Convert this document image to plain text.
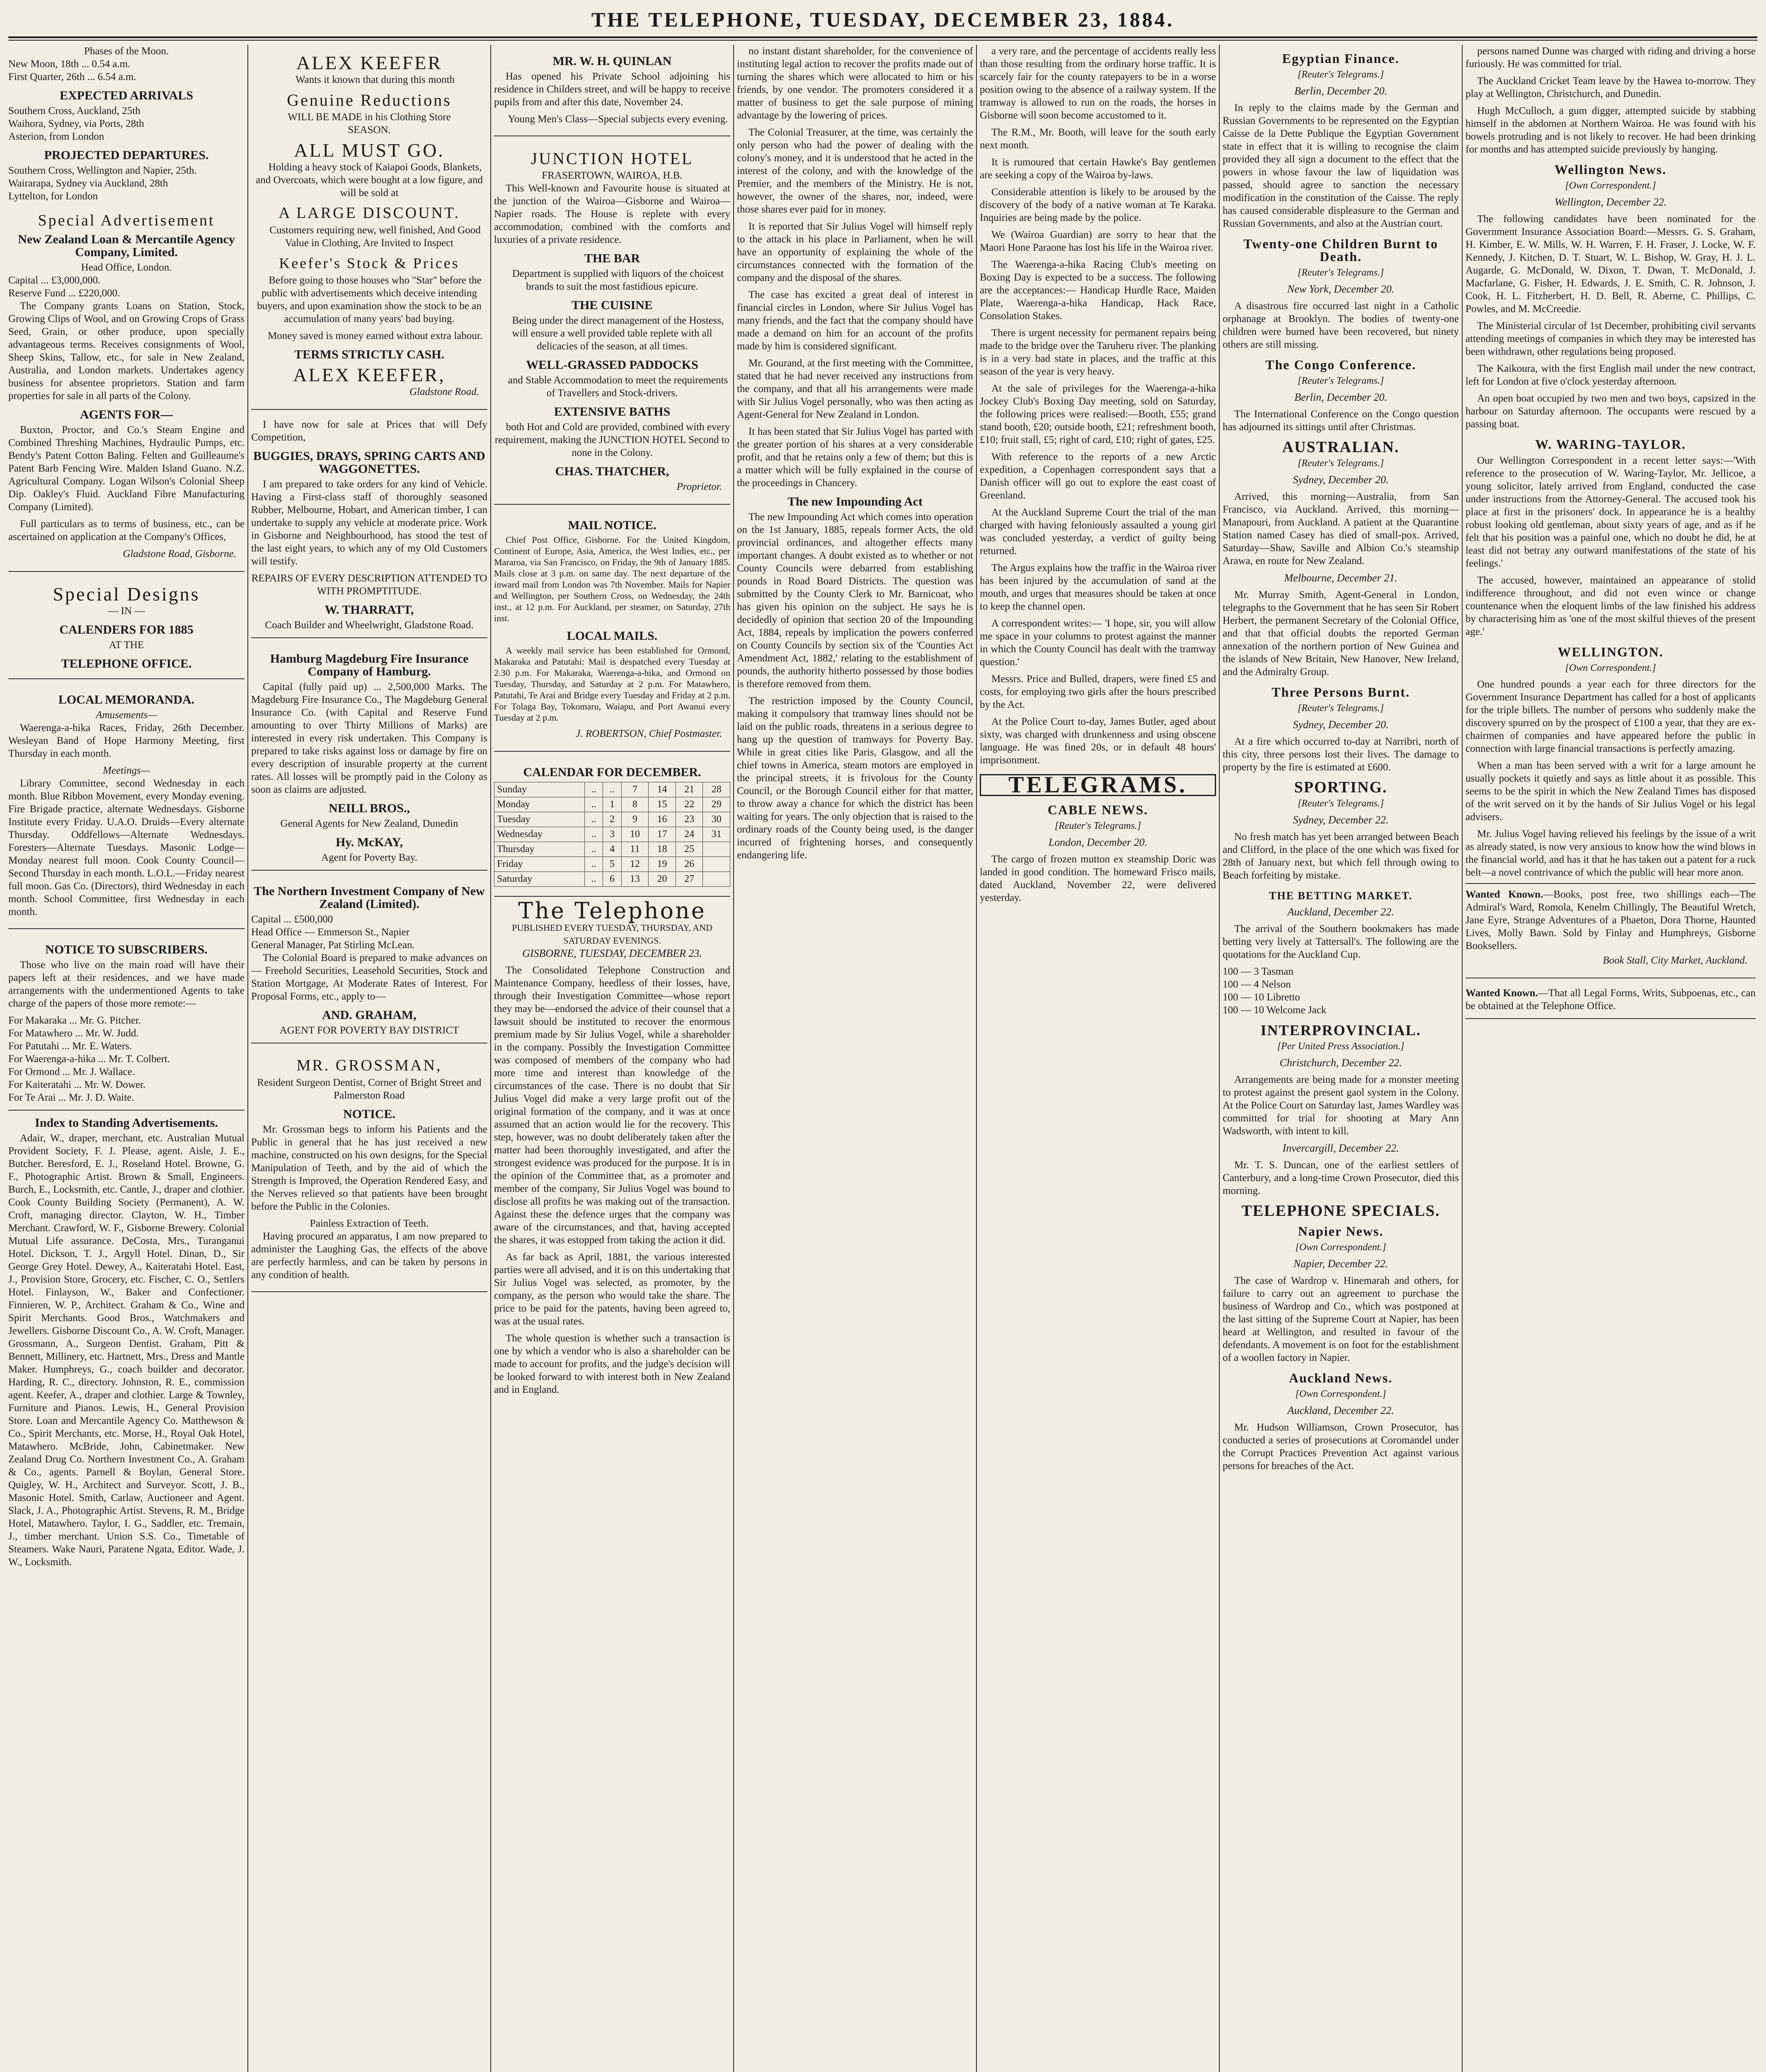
THE TELEPHONE, TUESDAY, DECEMBER 23, 1884.
Phases of the Moon.
New Moon, 18th ... 0.54 a.m.
First Quarter, 26th ... 6.54 a.m.
EXPECTED ARRIVALS
Southern Cross, Auckland, 25th
Waihora, Sydney, via Ports, 28th
Asterion, from London
PROJECTED DEPARTURES.
Southern Cross, Wellington and Napier, 25th.
Wairarapa, Sydney via Auckland, 28th
Lyttelton, for London
Special Advertisement
New Zealand Loan & Mercantile Agency Company, Limited.
Head Office, London.
Capital ... £3,000,000.
Reserve Fund ... £220,000.

The Company grants Loans on Station, Stock, Growing Clips of Wool, and on Growing Crops of Grass Seed, Grain, or other produce, upon specially advantageous terms. Receives consignments of Wool, Sheep Skins, Tallow, etc., for sale in New Zealand, Australia, and London markets. Undertakes agency business for absentee proprietors. Station and farm properties for sale in all parts of the Colony.

AGENTS FOR—

Buxton, Proctor, and Co.'s Steam Engine and Combined Threshing Machines, Hydraulic Pumps, etc. Bendy's Patent Cotton Baling. Felten and Guilleaume's Patent Barb Fencing Wire. Malden Island Guano. N.Z. Agricultural Company. Logan Wilson's Colonial Sheep Dip. Oakley's Fluid. Auckland Fibre Manufacturing Company (Limited).

Full particulars as to terms of business, etc., can be ascertained on application at the Company's Offices,

Gladstone Road, Gisborne.
Special Designs
— IN —
CALENDERS FOR 1885
AT THE
TELEPHONE OFFICE.
LOCAL MEMORANDA.
Amusements—

Waerenga-a-hika Races, Friday, 26th December. Wesleyan Band of Hope Harmony Meeting, first Thursday in each month.

Meetings—

Library Committee, second Wednesday in each month. Blue Ribbon Movement, every Monday evening. Fire Brigade practice, alternate Wednesdays. Gisborne Institute every Friday. U.A.O. Druids—Every alternate Thursday. Oddfellows—Alternate Wednesdays. Foresters—Alternate Tuesdays. Masonic Lodge—Monday nearest full moon. Cook County Council—Second Thursday in each month. L.O.L.—Friday nearest full moon. Gas Co. (Directors), third Wednesday in each month. School Committee, first Wednesday in each month.

NOTICE TO SUBSCRIBERS.

Those who live on the main road will have their papers left at their residences, and we have made arrangements with the undermentioned Agents to take charge of the papers of those more remote:—

For Makaraka ... Mr. G. Pitcher.
For Matawhero ... Mr. W. Judd.
For Patutahi ... Mr. E. Waters.
For Waerenga-a-hika ... Mr. T. Colbert.
For Ormond ... Mr. J. Wallace.
For Kaiteratahi ... Mr. W. Dower.
For Te Arai ... Mr. J. D. Waite.
Index to Standing Advertisements.

Adair, W., draper, merchant, etc. Australian Mutual Provident Society, F. J. Please, agent. Aisle, J. E., Butcher. Beresford, E. J., Roseland Hotel. Browne, G. F., Photographic Artist. Brown & Small, Engineers. Burch, E., Locksmith, etc. Cantle, J., draper and clothier. Cook County Building Society (Permanent), A. W. Croft, managing director. Clayton, W. H., Timber Merchant. Crawford, W. F., Gisborne Brewery. Colonial Mutual Life assurance. DeCosta, Mrs., Turanganui Hotel. Dickson, T. J., Argyll Hotel. Dinan, D., Sir George Grey Hotel. Dewey, A., Kaiteratahi Hotel. East, J., Provision Store, Grocery, etc. Fischer, C. O., Settlers Hotel. Finlayson, W., Baker and Confectioner. Finnieren, W. P., Architect. Graham & Co., Wine and Spirit Merchants. Good Bros., Watchmakers and Jewellers. Gisborne Discount Co., A. W. Croft, Manager. Grossmann, A., Surgeon Dentist. Graham, Pitt & Bennett, Millinery, etc. Hartnett, Mrs., Dress and Mantle Maker. Humphreys, G., coach builder and decorator. Harding, R. C., directory. Johnston, R. E., commission agent. Keefer, A., draper and clothier. Large & Townley, Furniture and Pianos. Lewis, H., General Provision Store. Loan and Mercantile Agency Co. Matthewson & Co., Spirit Merchants, etc. Morse, H., Royal Oak Hotel, Matawhero. McBride, John, Cabinetmaker. New Zealand Drug Co. Northern Investment Co., A. Graham & Co., agents. Parnell & Boylan, General Store. Quigley, W. H., Architect and Surveyor. Scott, J. B., Masonic Hotel. Smith, Carlaw, Auctioneer and Agent. Slack, J. A., Photographic Artist. Stevens, R. M., Bridge Hotel, Matawhero. Taylor, I. G., Saddler, etc. Tremain, J., timber merchant. Union S.S. Co., Timetable of Steamers. Wake Nauri, Paratene Ngata, Editor. Wade, J. W., Locksmith.

ALEX KEEFER

Wants it known that during this month

Genuine Reductions
WILL BE MADE in his Clothing Store
SEASON.
ALL MUST GO.

Holding a heavy stock of Kaiapoi Goods, Blankets, and Overcoats, which were bought at a low figure, and will be sold at

A LARGE DISCOUNT.

Customers requiring new, well finished, And Good Value in Clothing, Are Invited to Inspect

Keefer's Stock & Prices

Before going to those houses who "Star" before the public with advertisements which deceive intending buyers, and upon examination show the stock to be an accumulation of many years' bad buying.

Money saved is money earned without extra labour.

TERMS STRICTLY CASH.
ALEX KEEFER,
Gladstone Road.

I have now for sale at Prices that will Defy Competition,

BUGGIES, DRAYS, SPRING CARTS AND WAGGONETTES.

I am prepared to take orders for any kind of Vehicle. Having a First-class staff of thoroughly seasoned Rubber, Melbourne, Hobart, and American timber, I can undertake to supply any vehicle at moderate price. Work in Gisborne and Neighbourhood, has stood the test of the last eight years, to which any of my Old Customers will testify.

REPAIRS OF EVERY DESCRIPTION ATTENDED TO WITH PROMPTITUDE.
W. THARRATT,
Coach Builder and Wheelwright, Gladstone Road.
Hamburg Magdeburg Fire Insurance Company of Hamburg.

Capital (fully paid up) ... 2,500,000 Marks. The Magdeburg Fire Insurance Co., The Magdeburg General Insurance Co. (with Capital and Reserve Fund amounting to over Thirty Millions of Marks) are interested in every risk undertaken. This Company is prepared to take risks against loss or damage by fire on every description of insurable property at the current rates. All losses will be promptly paid in the Colony as soon as claims are adjusted.

NEILL BROS.,
General Agents for New Zealand, Dunedin
Hy. McKAY,
Agent for Poverty Bay.
The Northern Investment Company of New Zealand (Limited).
Capital ... £500,000
Head Office — Emmerson St., Napier
General Manager, Pat Stirling McLean.

The Colonial Board is prepared to make advances on— Freehold Securities, Leasehold Securities, Stock and Station Mortgage, At Moderate Rates of Interest. For Proposal Forms, etc., apply to—

AND. GRAHAM,
AGENT FOR POVERTY BAY DISTRICT
MR. GROSSMAN,
Resident Surgeon Dentist, Corner of Bright Street and Palmerston Road
NOTICE.

Mr. Grossman begs to inform his Patients and the Public in general that he has just received a new machine, constructed on his own designs, for the Special Manipulation of Teeth, and by the aid of which the Strength is Improved, the Operation Rendered Easy, and the Nerves relieved so that patients have been brought before the Public in the Colonies.

Painless Extraction of Teeth.

Having procured an apparatus, I am now prepared to administer the Laughing Gas, the effects of the above are perfectly harmless, and can be taken by persons in any condition of health.

MR. W. H. QUINLAN

Has opened his Private School adjoining his residence in Childers street, and will be happy to receive pupils from and after this date, November 24.

Young Men's Class—Special subjects every evening.

JUNCTION HOTEL
FRASERTOWN, WAIROA, H.B.

This Well-known and Favourite house is situated at the junction of the Wairoa—Gisborne and Wairoa—Napier roads. The House is replete with every accommodation, combined with the comforts and luxuries of a private residence.

THE BAR

Department is supplied with liquors of the choicest brands to suit the most fastidious epicure.

THE CUISINE

Being under the direct management of the Hostess, will ensure a well provided table replete with all delicacies of the season, at all times.

WELL-GRASSED PADDOCKS

and Stable Accommodation to meet the requirements of Travellers and Stock-drivers.

EXTENSIVE BATHS

both Hot and Cold are provided, combined with every requirement, making the JUNCTION HOTEL Second to none in the Colony.

CHAS. THATCHER,
Proprietor.
MAIL NOTICE.

Chief Post Office, Gisborne. For the United Kingdom, Continent of Europe, Asia, America, the West Indies, etc., per Mararoa, via San Francisco, on Friday, the 9th of January 1885. Mails close at 3 p.m. on same day. The next departure of the inward mail from London was 7th November. Mails for Napier and Wellington, per Southern Cross, on Wednesday, the 24th inst., at 12 p.m. For Auckland, per steamer, on Saturday, 27th inst.

LOCAL MAILS.

A weekly mail service has been established for Ormond, Makaraka and Patutahi: Mail is despatched every Tuesday at 2.30 p.m. For Makaraka, Waerenga-a-hika, and Ormond on Tuesday, Thursday, and Saturday at 2 p.m. For Matawhero, Patutahi, Te Arai and Bridge every Tuesday and Friday at 2 p.m. For Tolaga Bay, Tokomaru, Waiapu, and Port Awanui every Tuesday at 2 p.m.

J. ROBERTSON, Chief Postmaster.
CALENDAR FOR DECEMBER.
Sunday	..	..	7	14	21	28
Monday	..	1	8	15	22	29
Tuesday	..	2	9	16	23	30
Wednesday	..	3	10	17	24	31
Thursday	..	4	11	18	25	
Friday	..	5	12	19	26	
Saturday	..	6	13	20	27	
The Telephone
PUBLISHED EVERY TUESDAY, THURSDAY, AND SATURDAY EVENINGS.
GISBORNE, TUESDAY, DECEMBER 23.

The Consolidated Telephone Construction and Maintenance Company, heedless of their losses, have, through their Investigation Committee—whose report they may be—endorsed the advice of their counsel that a lawsuit should be instituted to recover the enormous premium made by Sir Julius Vogel, while a shareholder in the company. Possibly the Investigation Committee was composed of members of the company who had more time and interest than knowledge of the circumstances of the case. There is no doubt that Sir Julius Vogel did make a very large profit out of the original formation of the company, and it was at once assumed that an action would lie for the recovery. This step, however, was no doubt deliberately taken after the matter had been thoroughly investigated, and after the strongest evidence was produced for the purpose. It is in the opinion of the Committee that, as a promoter and member of the company, Sir Julius Vogel was bound to disclose all profits he was making out of the transaction. Against these the defence urges that the company was aware of the circumstances, and that, having accepted the shares, it was estopped from taking the action it did.

As far back as April, 1881, the various interested parties were all advised, and it is on this undertaking that Sir Julius Vogel was selected, as promoter, by the company, as the person who would take the share. The price to be paid for the patents, having been agreed to, was at the usual rates.

The whole question is whether such a transaction is one by which a vendor who is also a shareholder can be made to account for profits, and the judge's decision will be looked forward to with interest both in New Zealand and in England.

no instant distant shareholder, for the convenience of instituting legal action to recover the profits made out of turning the shares which were allocated to him or his friends, by one vendor. The promoters considered it a matter of business to get the sale purpose of mining advantage by the lowering of prices.

The Colonial Treasurer, at the time, was certainly the only person who had the power of dealing with the colony's money, and it is understood that he acted in the interest of the colony, and with the knowledge of the Premier, and the members of the Ministry. He is not, however, the owner of the shares, nor, indeed, were those shares ever paid for in money.

It is reported that Sir Julius Vogel will himself reply to the attack in his place in Parliament, when he will have an opportunity of explaining the whole of the circumstances connected with the formation of the company and the disposal of the shares.

The case has excited a great deal of interest in financial circles in London, where Sir Julius Vogel has many friends, and the fact that the company should have made a demand on him for an account of the profits made by him is considered significant.

Mr. Gourand, at the first meeting with the Committee, stated that he had never received any instructions from the company, and that all his arrangements were made with Sir Julius Vogel personally, who was then acting as Agent-General for New Zealand in London.

It has been stated that Sir Julius Vogel has parted with the greater portion of his shares at a very considerable profit, and that he retains only a few of them; but this is a matter which will be fully explained in the course of the proceedings in Chancery.

The new Impounding Act

The new Impounding Act which comes into operation on the 1st January, 1885, repeals former Acts, the old provincial ordinances, and altogether effects many important changes. A doubt existed as to whether or not County Councils were debarred from establishing pounds in Road Board Districts. The question was submitted by the County Clerk to Mr. Barnicoat, who has given his opinion on the subject. He says he is decidedly of opinion that section 20 of the Impounding Act, 1884, repeals by implication the powers conferred on County Councils by section six of the 'Counties Act Amendment Act, 1882,' relating to the establishment of pounds, the authority hitherto possessed by those bodies is therefore removed from them.

The restriction imposed by the County Council, making it compulsory that tramway lines should not be laid on the public roads, threatens in a serious degree to hang up the question of tramways for Poverty Bay. While in great cities like Paris, Glasgow, and all the chief towns in America, steam motors are employed in the principal streets, it is frivolous for the County Council, or the Borough Council either for that matter, to throw away a chance for which the district has been waiting for years. The only objection that is raised to the ordinary roads of the County being used, is the danger incurred of frightening horses, and consequently endangering life.

a very rare, and the percentage of accidents really less than those resulting from the ordinary horse traffic. It is scarcely fair for the county ratepayers to be in a worse position owing to the absence of a railway system. If the tramway is allowed to run on the roads, the horses in Gisborne will soon become accustomed to it.

The R.M., Mr. Booth, will leave for the south early next month.

It is rumoured that certain Hawke's Bay gentlemen are seeking a copy of the Wairoa by-laws.

Considerable attention is likely to be aroused by the discovery of the body of a native woman at Te Karaka. Inquiries are being made by the police.

We (Wairoa Guardian) are sorry to hear that the Maori Hone Paraone has lost his life in the Wairoa river.

The Waerenga-a-hika Racing Club's meeting on Boxing Day is expected to be a success. The following are the acceptances:— Handicap Hurdle Race, Maiden Plate, Waerenga-a-hika Handicap, Hack Race, Consolation Stakes.

There is urgent necessity for permanent repairs being made to the bridge over the Taruheru river. The planking is in a very bad state in places, and the traffic at this season of the year is very heavy.

At the sale of privileges for the Waerenga-a-hika Jockey Club's Boxing Day meeting, sold on Saturday, the following prices were realised:—Booth, £55; grand stand booth, £20; outside booth, £21; refreshment booth, £10; fruit stall, £5; right of card, £10; right of gates, £25.

With reference to the reports of a new Arctic expedition, a Copenhagen correspondent says that a Danish officer will go out to explore the east coast of Greenland.

At the Auckland Supreme Court the trial of the man charged with having feloniously assaulted a young girl was concluded yesterday, a verdict of guilty being returned.

The Argus explains how the traffic in the Wairoa river has been injured by the accumulation of sand at the mouth, and urges that measures should be taken at once to keep the channel open.

A correspondent writes:— 'I hope, sir, you will allow me space in your columns to protest against the manner in which the County Council has dealt with the tramway question.'

Messrs. Price and Bulled, drapers, were fined £5 and costs, for employing two girls after the hours prescribed by the Act.

At the Police Court to-day, James Butler, aged about sixty, was charged with drunkenness and using obscene language. He was fined 20s, or in default 48 hours' imprisonment.

TELEGRAMS.
CABLE NEWS.
[Reuter's Telegrams.]
London, December 20.

The cargo of frozen mutton ex steamship Doric was landed in good condition. The homeward Frisco mails, dated Auckland, November 22, were delivered yesterday.

Egyptian Finance.
[Reuter's Telegrams.]
Berlin, December 20.

In reply to the claims made by the German and Russian Governments to be represented on the Egyptian Caisse de la Dette Publique the Egyptian Government state in effect that it is willing to recognise the claim provided they all sign a document to the effect that the powers in whose favour the law of liquidation was passed, should agree to sanction the necessary modification in the constitution of the Caisse. The reply has caused considerable displeasure to the German and Russian Governments, and also at the Austrian court.

Twenty-one Children Burnt to Death.
[Reuter's Telegrams.]
New York, December 20.

A disastrous fire occurred last night in a Catholic orphanage at Brooklyn. The bodies of twenty-one children were burned have been recovered, but ninety others are still missing.

The Congo Conference.
[Reuter's Telegrams.]
Berlin, December 20.

The International Conference on the Congo question has adjourned its sittings until after Christmas.

AUSTRALIAN.
[Reuter's Telegrams.]
Sydney, December 20.

Arrived, this morning—Australia, from San Francisco, via Auckland. Arrived, this morning—Manapouri, from Auckland. A patient at the Quarantine Station named Casey has died of small-pox. Arrived, Saturday—Shaw, Saville and Albion Co.'s steamship Arawa, en route for New Zealand.

Melbourne, December 21.

Mr. Murray Smith, Agent-General in London, telegraphs to the Government that he has seen Sir Robert Herbert, the permanent Secretary of the Colonial Office, and that that official doubts the reported German annexation of the northern portion of New Guinea and the islands of New Britain, New Hanover, New Ireland, and the Admiralty Group.

Three Persons Burnt.
[Reuter's Telegrams.]
Sydney, December 20.

At a fire which occurred to-day at Narribri, north of this city, three persons lost their lives. The damage to property by the fire is estimated at £600.

SPORTING.
[Reuter's Telegrams.]
Sydney, December 22.

No fresh match has yet been arranged between Beach and Clifford, in the place of the one which was fixed for 28th of January next, but which fell through owing to Beach forfeiting by mistake.

THE BETTING MARKET.
Auckland, December 22.

The arrival of the Southern bookmakers has made betting very lively at Tattersall's. The following are the quotations for the Auckland Cup.

100 — 3 Tasman
100 — 4 Nelson
100 — 10 Libretto
100 — 10 Welcome Jack
INTERPROVINCIAL.
[Per United Press Association.]
Christchurch, December 22.

Arrangements are being made for a monster meeting to protest against the present gaol system in the Colony. At the Police Court on Saturday last, James Wardley was committed for trial for shooting at Mary Ann Wadsworth, with intent to kill.

Invercargill, December 22.

Mr. T. S. Duncan, one of the earliest settlers of Canterbury, and a long-time Crown Prosecutor, died this morning.

TELEPHONE SPECIALS.
Napier News.
[Own Correspondent.]
Napier, December 22.

The case of Wardrop v. Hinemarah and others, for failure to carry out an agreement to purchase the business of Wardrop and Co., which was postponed at the last sitting of the Supreme Court at Napier, has been heard at Wellington, and resulted in favour of the defendants. A movement is on foot for the establishment of a woollen factory in Napier.

Auckland News.
[Own Correspondent.]
Auckland, December 22.

Mr. Hudson Williamson, Crown Prosecutor, has conducted a series of prosecutions at Coromandel under the Corrupt Practices Prevention Act against various persons for breaches of the Act.

persons named Dunne was charged with riding and driving a horse furiously. He was committed for trial.

The Auckland Cricket Team leave by the Hawea to-morrow. They play at Wellington, Christchurch, and Dunedin.

Hugh McCulloch, a gum digger, attempted suicide by stabbing himself in the abdomen at Northern Wairoa. He was found with his bowels protruding and is not likely to recover. He had been drinking for months and has attempted suicide previously by hanging.

Wellington News.
[Own Correspondent.]
Wellington, December 22.

The following candidates have been nominated for the Government Insurance Association Board:—Messrs. G. S. Graham, H. Kimber, E. W. Mills, W. H. Warren, F. H. Fraser, J. Locke, W. F. Kennedy, J. Kitchen, D. T. Stuart, W. L. Bishop, W. Gray, H. J. L. Augarde, G. McDonald, W. Dixon, T. Dwan, T. McDonald, J. Macfarlane, G. Fisher, H. Edwards, J. E. Smith, C. R. Johnson, J. Cook, H. L. Fitzherbert, H. D. Bell, R. Aberne, C. Phillips, C. Powles, and M. McCreedie.

The Ministerial circular of 1st December, prohibiting civil servants attending meetings of companies in which they may be interested has been withdrawn, other regulations being proposed.

The Kaikoura, with the first English mail under the new contract, left for London at five o'clock yesterday afternoon.

An open boat occupied by two men and two boys, capsized in the harbour on Saturday afternoon. The occupants were rescued by a passing boat.

W. WARING-TAYLOR.

Our Wellington Correspondent in a recent letter says:—'With reference to the prosecution of W. Waring-Taylor, Mr. Jellicoe, a young solicitor, lately arrived from England, conducted the case under instructions from the Attorney-General. The accused took his place at first in the prisoners' dock. In appearance he is a healthy robust looking old gentleman, about sixty years of age, and as if he felt that his position was a painful one, which no doubt he did, he at least did not betray any outward manifestations of the state of his feelings.'

The accused, however, maintained an appearance of stolid indifference throughout, and did not even wince or change countenance when the eloquent limbs of the law finished his address by characterising him as 'one of the most skilful thieves of the present age.'

WELLINGTON.
[Own Correspondent.]

One hundred pounds a year each for three directors for the Government Insurance Department has called for a host of applicants for the triple billets. The number of persons who suddenly make the discovery spurred on by the prospect of £100 a year, that they are ex-chairmen of companies and have appeared before the public in connection with large financial transactions is perfectly amazing.

When a man has been served with a writ for a large amount he usually pockets it quietly and says as little about it as possible. This seems to be the spirit in which the New Zealand Times has disposed of the writ served on it by the hands of Sir Julius Vogel or his legal advisers.

Mr. Julius Vogel having relieved his feelings by the issue of a writ as already stated, is now very anxious to know how the wind blows in the financial world, and has it that he has taken out a patent for a ruck belt—a novel contrivance of which the public will hear more anon.

Wanted Known.—Books, post free, two shillings each—The Admiral's Ward, Romola, Kenelm Chillingly, The Beautiful Wretch, Jane Eyre, Strange Adventures of a Phaeton, Dora Thorne, Haunted Lives, Molly Bawn. Sold by Finlay and Humphreys, Gisborne Booksellers.

Book Stall, City Market, Auckland.

Wanted Known.—That all Legal Forms, Writs, Subpoenas, etc., can be obtained at the Telephone Office.
